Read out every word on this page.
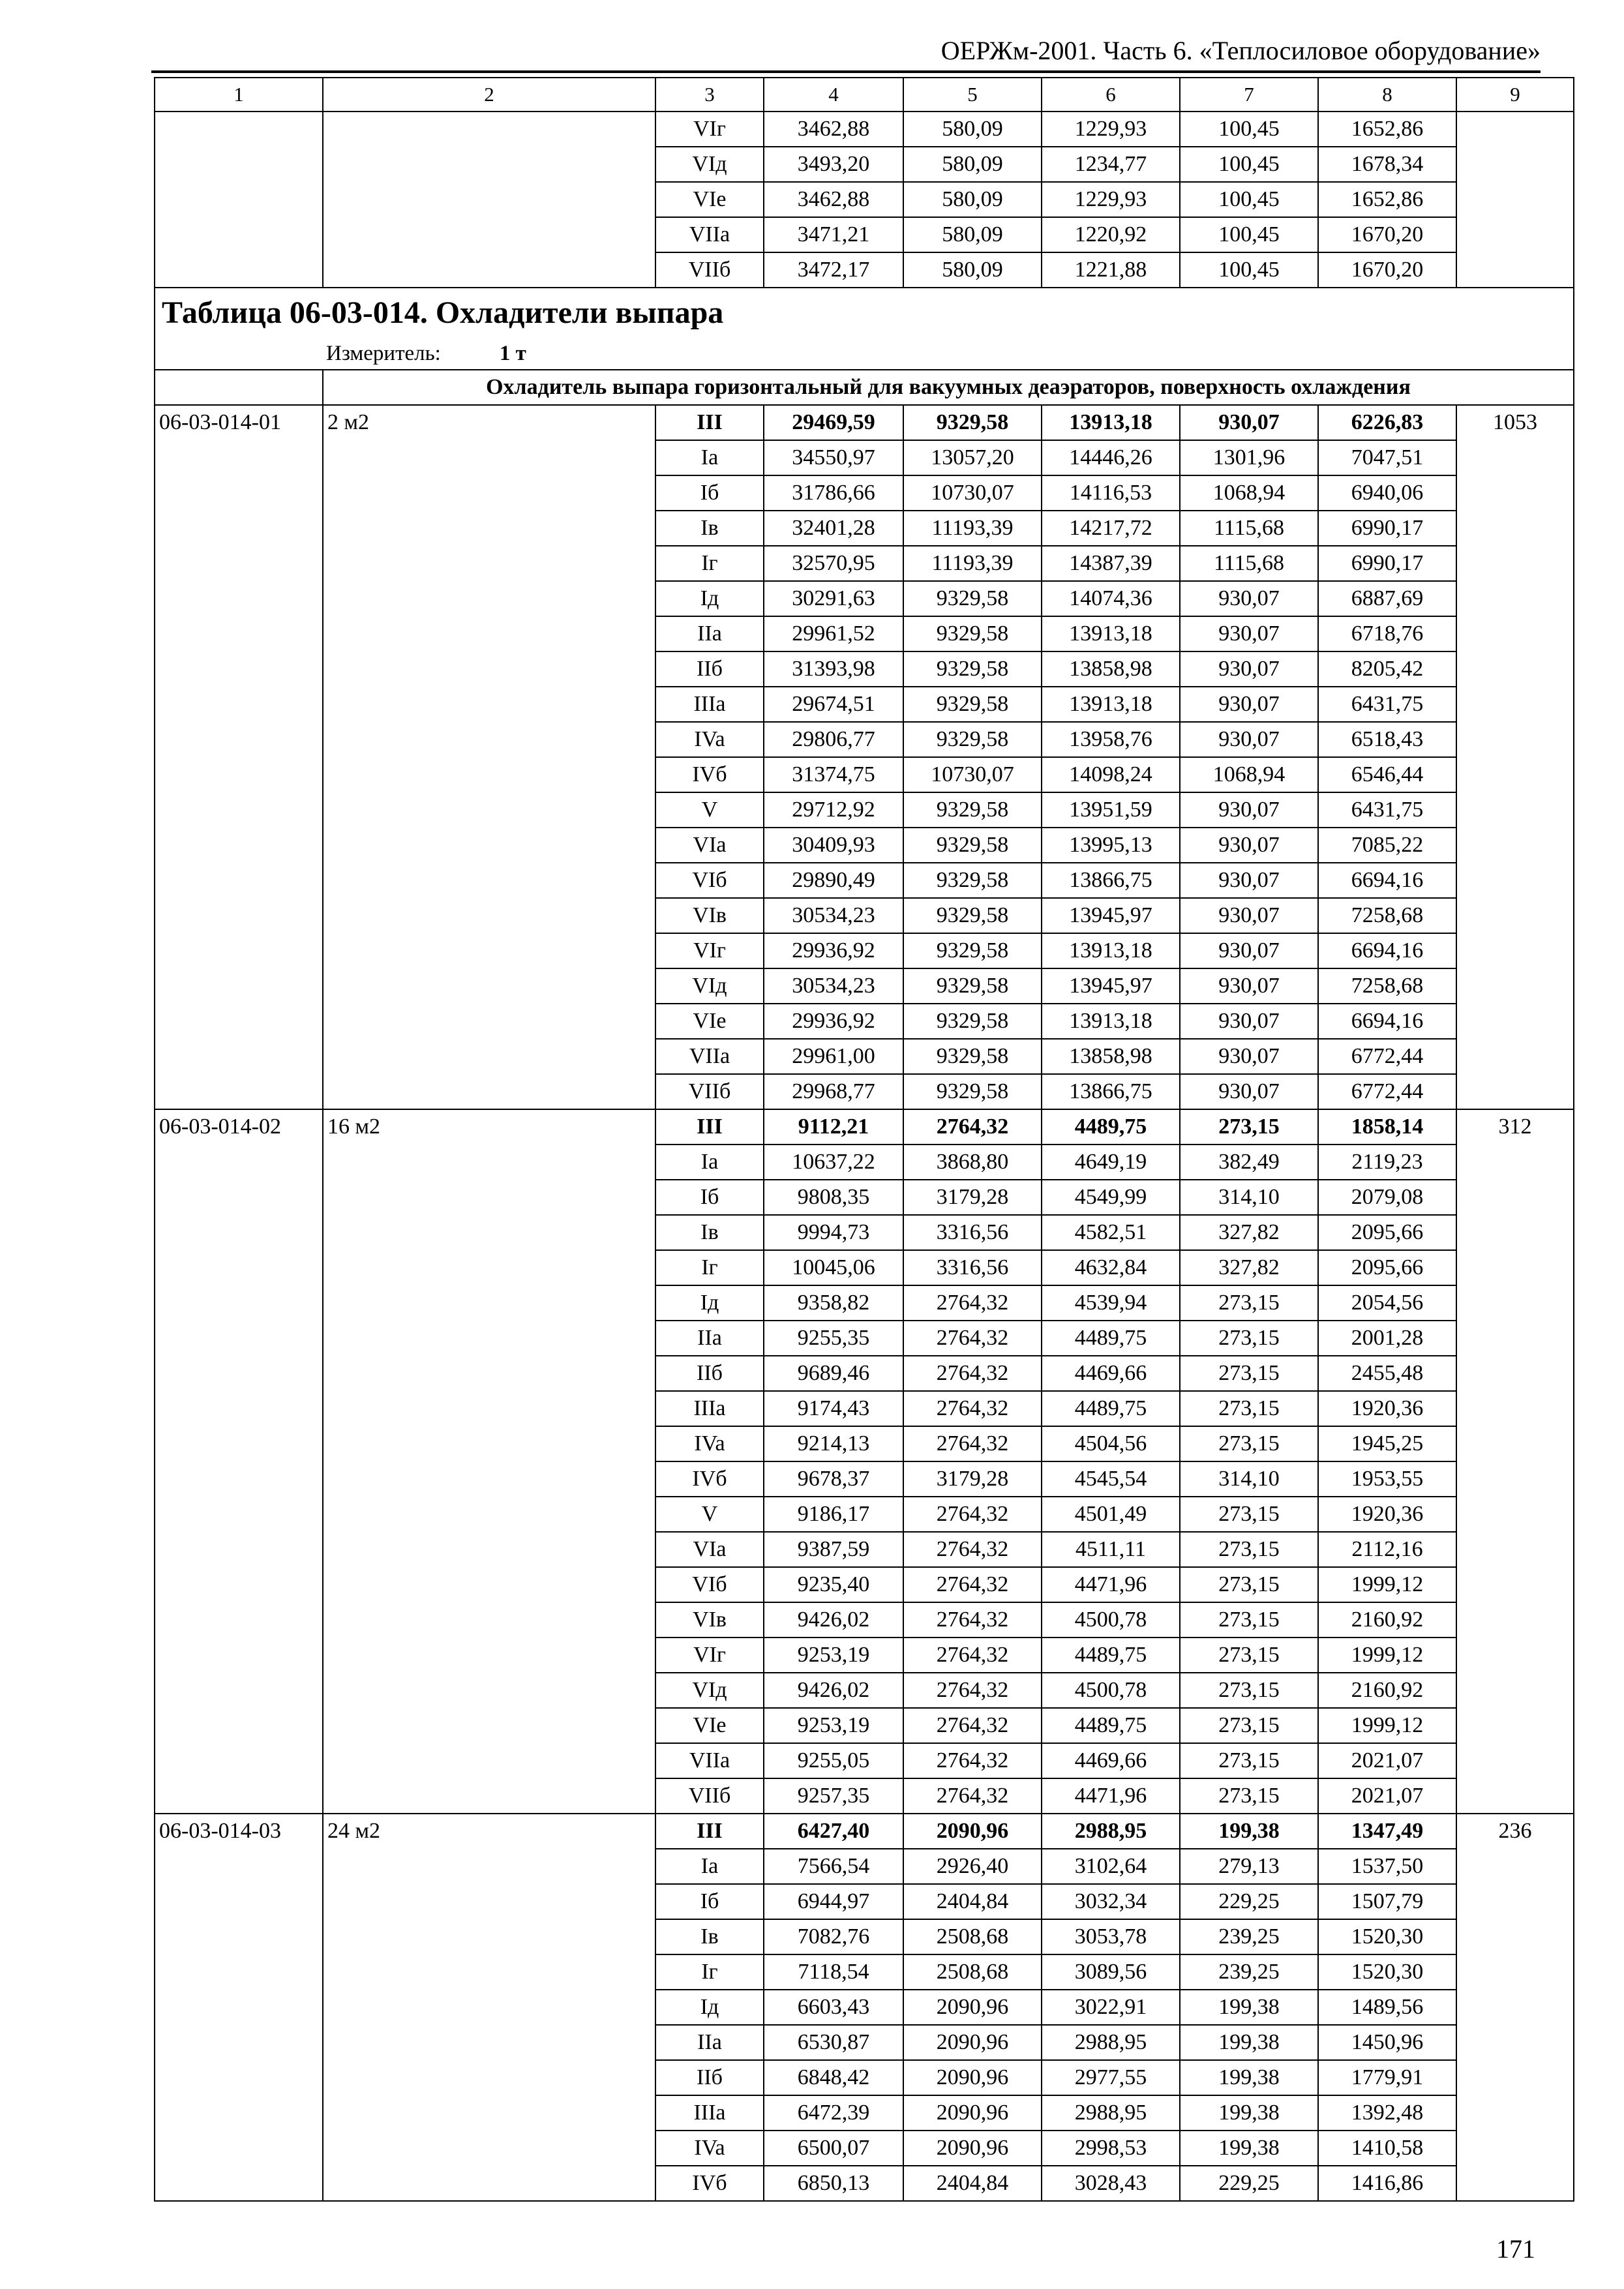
ОЕРЖм-2001. Часть 6. «Теплосиловое оборудование»
1	2	3	4	5	6	7	8	9
		VIг	3462,88	580,09	1229,93	100,45	1652,86	
		VIд	3493,20	580,09	1234,77	100,45	1678,34	
		VIe	3462,88	580,09	1229,93	100,45	1652,86	
		VIIa	3471,21	580,09	1220,92	100,45	1670,20	
		VIIб	3472,17	580,09	1221,88	100,45	1670,20	
Таблица 06-03-014. Охладители выпара								
Измеритель: 1 т								
	Охладитель выпара горизонтальный для вакуумных деаэраторов, поверхность охлаждения							
06-03-014-01	2 м2	III	29469,59	9329,58	13913,18	930,07	6226,83	1053
		Ia	34550,97	13057,20	14446,26	1301,96	7047,51	
		Iб	31786,66	10730,07	14116,53	1068,94	6940,06	
		Iв	32401,28	11193,39	14217,72	1115,68	6990,17	
		Iг	32570,95	11193,39	14387,39	1115,68	6990,17	
		Iд	30291,63	9329,58	14074,36	930,07	6887,69	
		IIa	29961,52	9329,58	13913,18	930,07	6718,76	
		IIб	31393,98	9329,58	13858,98	930,07	8205,42	
		IIIa	29674,51	9329,58	13913,18	930,07	6431,75	
		IVa	29806,77	9329,58	13958,76	930,07	6518,43	
		IVб	31374,75	10730,07	14098,24	1068,94	6546,44	
		V	29712,92	9329,58	13951,59	930,07	6431,75	
		VIa	30409,93	9329,58	13995,13	930,07	7085,22	
		VIб	29890,49	9329,58	13866,75	930,07	6694,16	
		VIв	30534,23	9329,58	13945,97	930,07	7258,68	
		VIг	29936,92	9329,58	13913,18	930,07	6694,16	
		VIд	30534,23	9329,58	13945,97	930,07	7258,68	
		VIe	29936,92	9329,58	13913,18	930,07	6694,16	
		VIIa	29961,00	9329,58	13858,98	930,07	6772,44	
		VIIб	29968,77	9329,58	13866,75	930,07	6772,44	
06-03-014-02	16 м2	III	9112,21	2764,32	4489,75	273,15	1858,14	312
		Ia	10637,22	3868,80	4649,19	382,49	2119,23	
		Iб	9808,35	3179,28	4549,99	314,10	2079,08	
		Iв	9994,73	3316,56	4582,51	327,82	2095,66	
		Iг	10045,06	3316,56	4632,84	327,82	2095,66	
		Iд	9358,82	2764,32	4539,94	273,15	2054,56	
		IIa	9255,35	2764,32	4489,75	273,15	2001,28	
		IIб	9689,46	2764,32	4469,66	273,15	2455,48	
		IIIa	9174,43	2764,32	4489,75	273,15	1920,36	
		IVa	9214,13	2764,32	4504,56	273,15	1945,25	
		IVб	9678,37	3179,28	4545,54	314,10	1953,55	
		V	9186,17	2764,32	4501,49	273,15	1920,36	
		VIa	9387,59	2764,32	4511,11	273,15	2112,16	
		VIб	9235,40	2764,32	4471,96	273,15	1999,12	
		VIв	9426,02	2764,32	4500,78	273,15	2160,92	
		VIг	9253,19	2764,32	4489,75	273,15	1999,12	
		VIд	9426,02	2764,32	4500,78	273,15	2160,92	
		VIe	9253,19	2764,32	4489,75	273,15	1999,12	
		VIIa	9255,05	2764,32	4469,66	273,15	2021,07	
		VIIб	9257,35	2764,32	4471,96	273,15	2021,07	
06-03-014-03	24 м2	III	6427,40	2090,96	2988,95	199,38	1347,49	236
		Ia	7566,54	2926,40	3102,64	279,13	1537,50	
		Iб	6944,97	2404,84	3032,34	229,25	1507,79	
		Iв	7082,76	2508,68	3053,78	239,25	1520,30	
		Iг	7118,54	2508,68	3089,56	239,25	1520,30	
		Iд	6603,43	2090,96	3022,91	199,38	1489,56	
		IIa	6530,87	2090,96	2988,95	199,38	1450,96	
		IIб	6848,42	2090,96	2977,55	199,38	1779,91	
		IIIa	6472,39	2090,96	2988,95	199,38	1392,48	
		IVa	6500,07	2090,96	2998,53	199,38	1410,58	
		IVб	6850,13	2404,84	3028,43	229,25	1416,86	
171
